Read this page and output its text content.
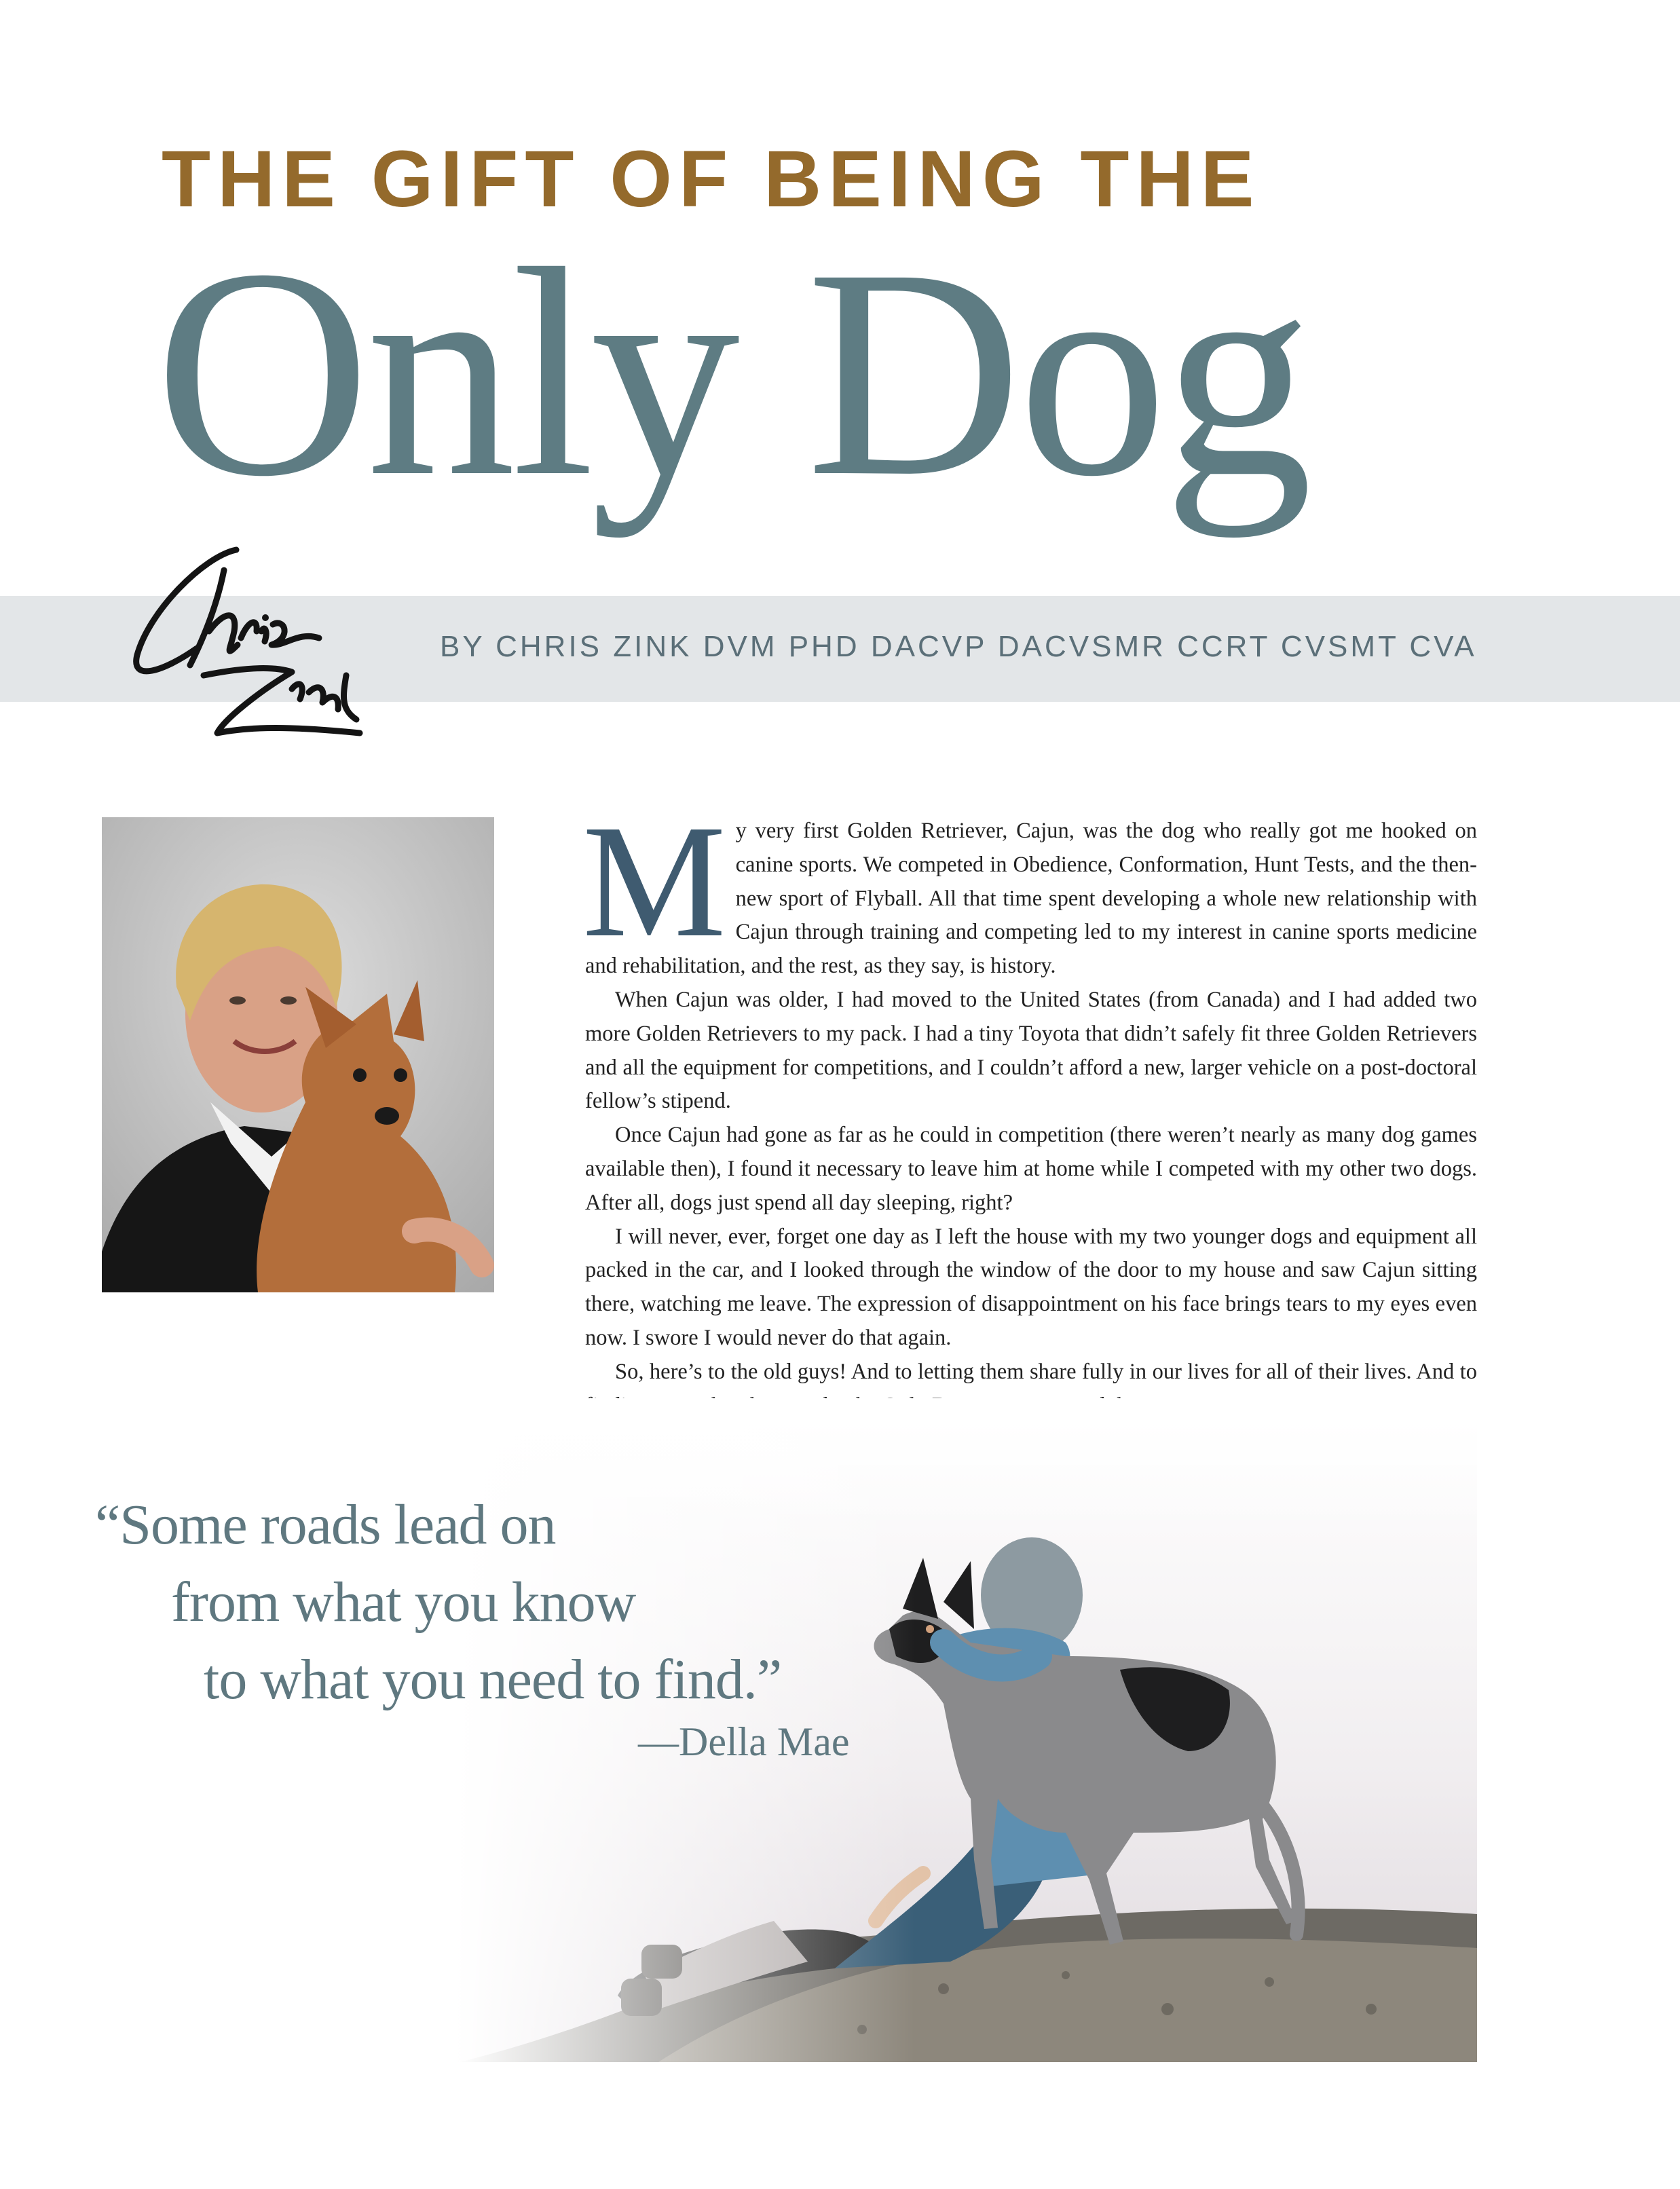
THE GIFT OF BEING THE
Only Dog
BY CHRIS ZINK DVM PHD DACVP DACVSMR CCRT CVSMT CVA

My very first Golden Retriever, Cajun, was the dog who really got me hooked on canine sports. We competed in Obedience, Conformation, Hunt Tests, and the then-new sport of Flyball. All that time spent developing a whole new relationship with Cajun through training and competing led to my interest in canine sports medicine and rehabilitation, and the rest, as they say, is history.

When Cajun was older, I had moved to the United States (from Canada) and I had added two more Golden Retrievers to my pack. I had a tiny Toyota that didn’t safely fit three Golden Retrievers and all the equipment for competitions, and I couldn’t afford a new, larger vehicle on a post-doctoral fellow’s stipend.

Once Cajun had gone as far as he could in competition (there weren’t nearly as many dog games available then), I found it necessary to leave him at home while I competed with my other two dogs. After all, dogs just spend all day sleeping, right?

I will never, ever, forget one day as I left the house with my two younger dogs and equipment all packed in the car, and I looked through the window of the door to my house and saw Cajun sitting there, watching me leave. The expression of disappointment on his face brings tears to my eyes even now. I swore I would never do that again.

So, here’s to the old guys! And to letting them share fully in our lives for all of their lives. And to

“Some roads lead on
from what you know
to what you need to find.”
—Della Mae
